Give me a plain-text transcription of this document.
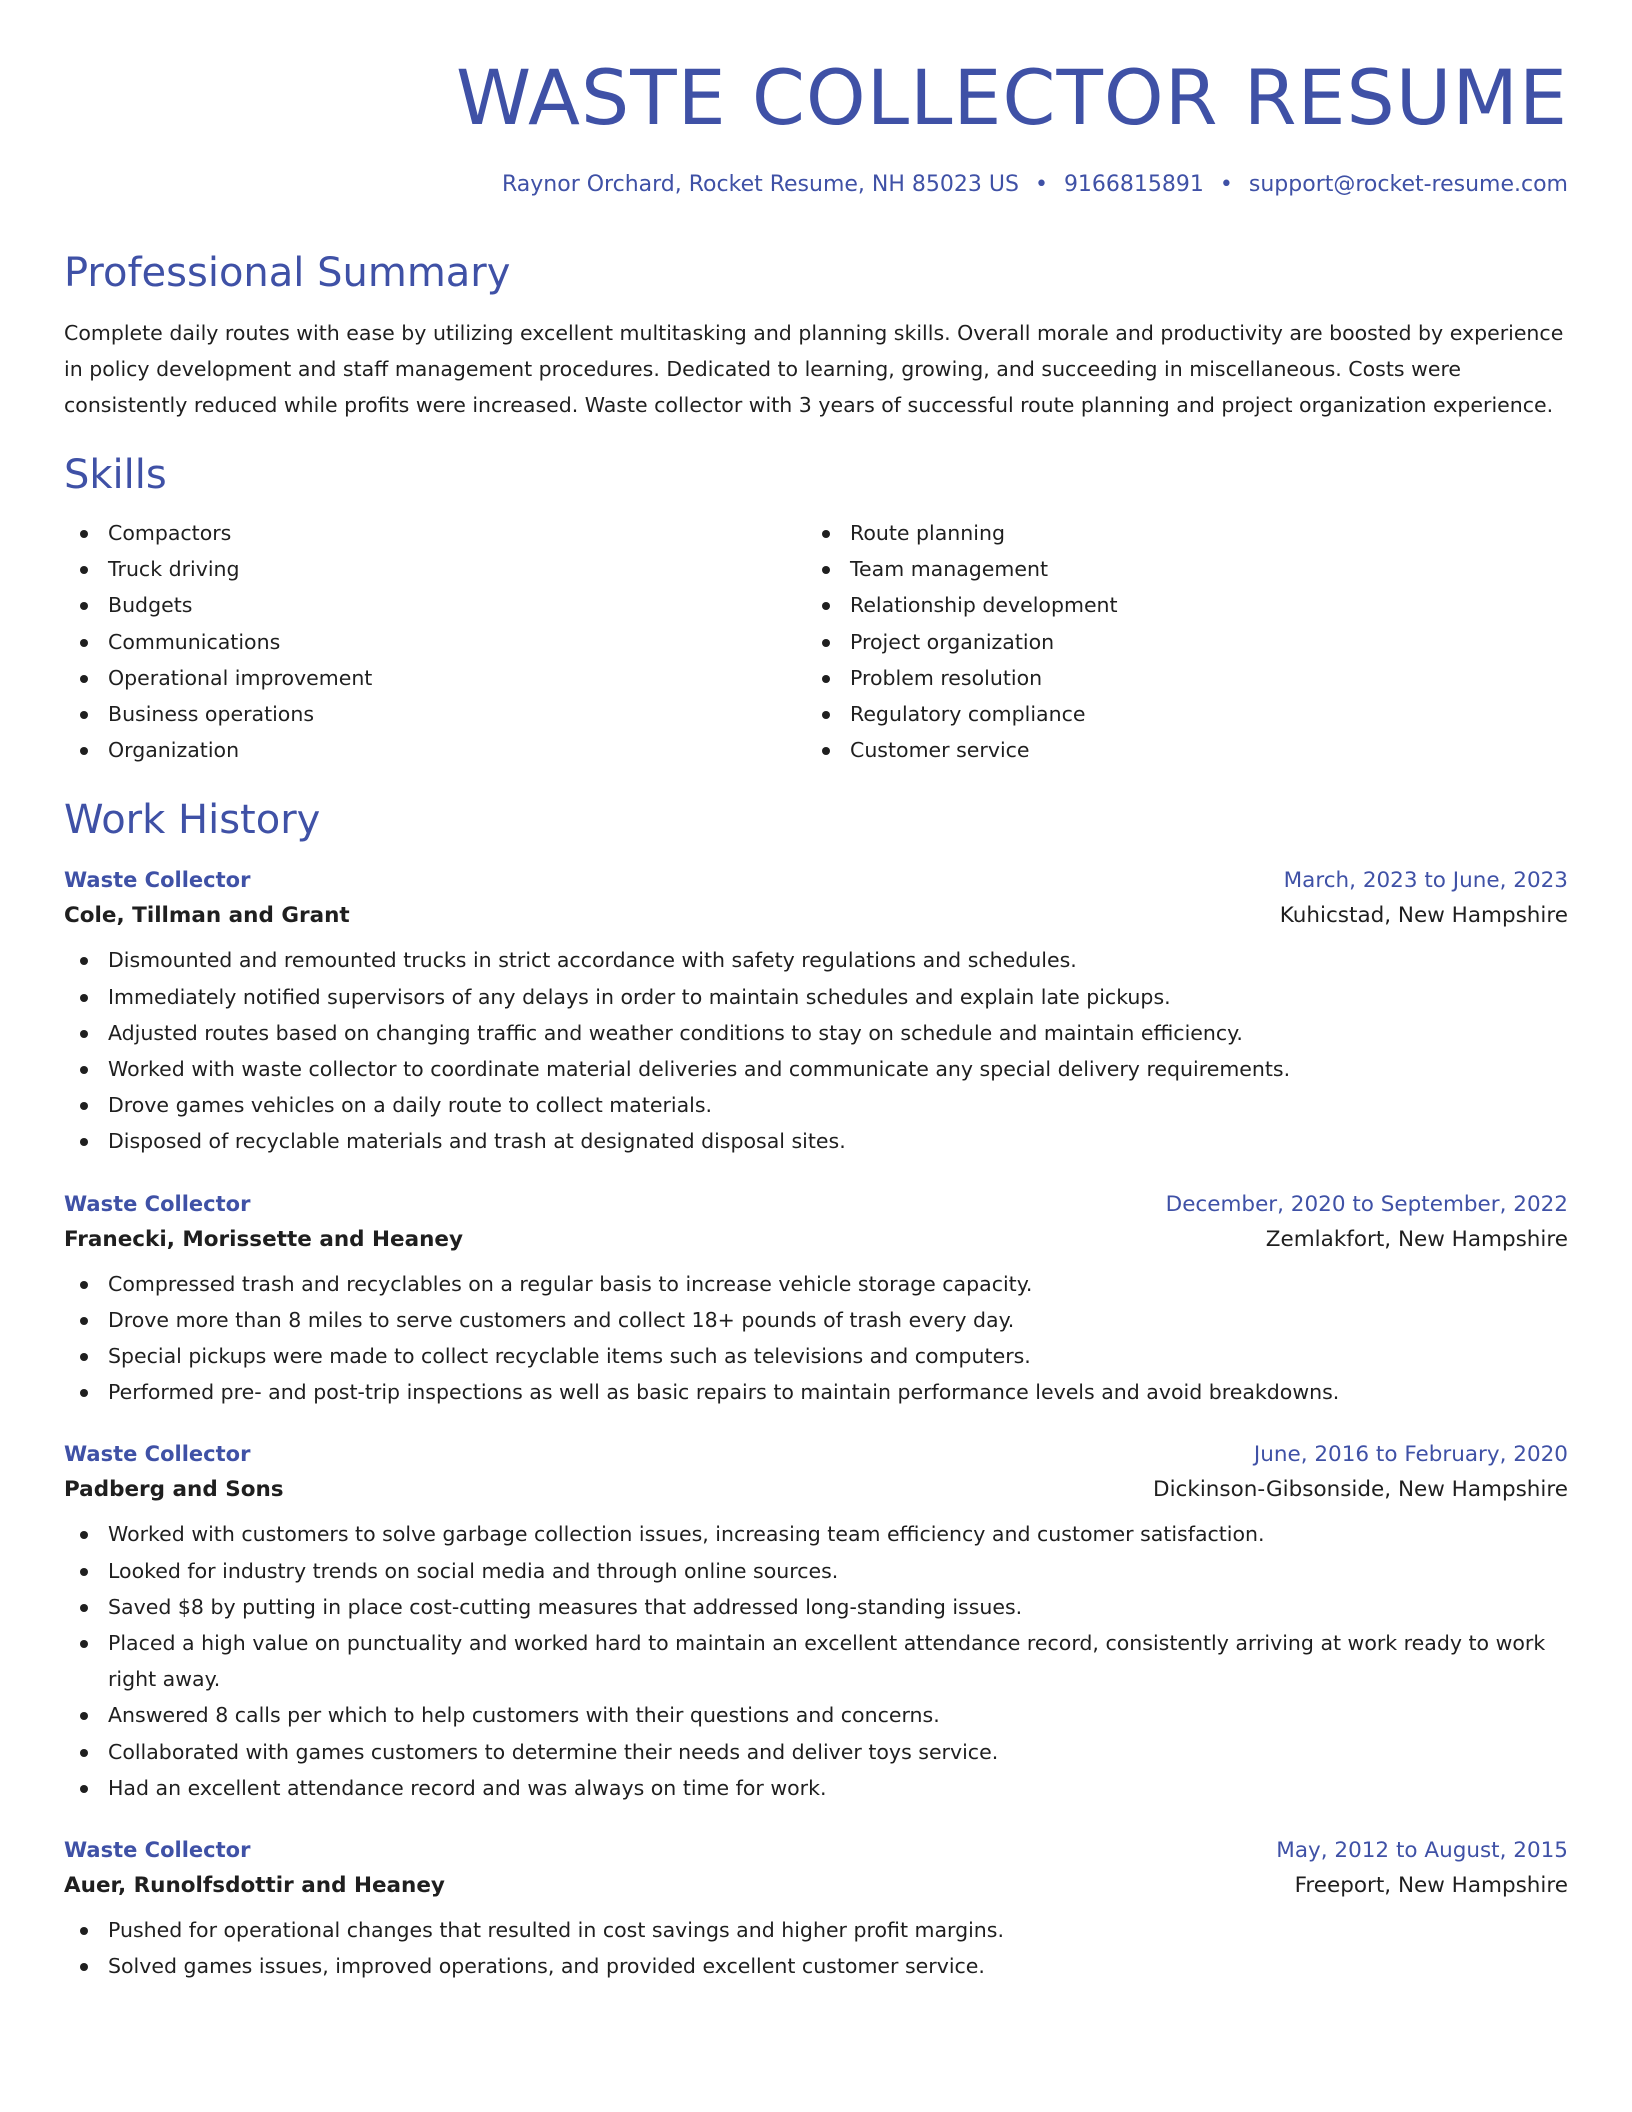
WASTE COLLECTOR RESUME
Raynor Orchard, Rocket Resume, NH 85023 US • 9166815891 • support@rocket-resume.com
Professional Summary
Complete daily routes with ease by utilizing excellent multitasking and planning skills. Overall morale and productivity are boosted by experience in policy development and staff management procedures. Dedicated to learning, growing, and succeeding in miscellaneous. Costs were consistently reduced while profits were increased. Waste collector with 3 years of successful route planning and project organization experience.
Skills
Compactors
Truck driving
Budgets
Communications
Operational improvement
Business operations
Organization
Route planning
Team management
Relationship development
Project organization
Problem resolution
Regulatory compliance
Customer service
Work History
Waste Collector	March, 2023 to June, 2023
Cole, Tillman and Grant	Kuhicstad, New Hampshire
Dismounted and remounted trucks in strict accordance with safety regulations and schedules.
Immediately notified supervisors of any delays in order to maintain schedules and explain late pickups.
Adjusted routes based on changing traffic and weather conditions to stay on schedule and maintain efficiency.
Worked with waste collector to coordinate material deliveries and communicate any special delivery requirements.
Drove games vehicles on a daily route to collect materials.
Disposed of recyclable materials and trash at designated disposal sites.
Waste Collector	December, 2020 to September, 2022
Franecki, Morissette and Heaney	Zemlakfort, New Hampshire
Compressed trash and recyclables on a regular basis to increase vehicle storage capacity.
Drove more than 8 miles to serve customers and collect 18+ pounds of trash every day.
Special pickups were made to collect recyclable items such as televisions and computers.
Performed pre- and post-trip inspections as well as basic repairs to maintain performance levels and avoid breakdowns.
Waste Collector	June, 2016 to February, 2020
Padberg and Sons	Dickinson-Gibsonside, New Hampshire
Worked with customers to solve garbage collection issues, increasing team efficiency and customer satisfaction.
Looked for industry trends on social media and through online sources.
Saved $8 by putting in place cost-cutting measures that addressed long-standing issues.
Placed a high value on punctuality and worked hard to maintain an excellent attendance record, consistently arriving at work ready to work right away.
Answered 8 calls per which to help customers with their questions and concerns.
Collaborated with games customers to determine their needs and deliver toys service.
Had an excellent attendance record and was always on time for work.
Waste Collector	May, 2012 to August, 2015
Auer, Runolfsdottir and Heaney	Freeport, New Hampshire
Pushed for operational changes that resulted in cost savings and higher profit margins.
Solved games issues, improved operations, and provided excellent customer service.
